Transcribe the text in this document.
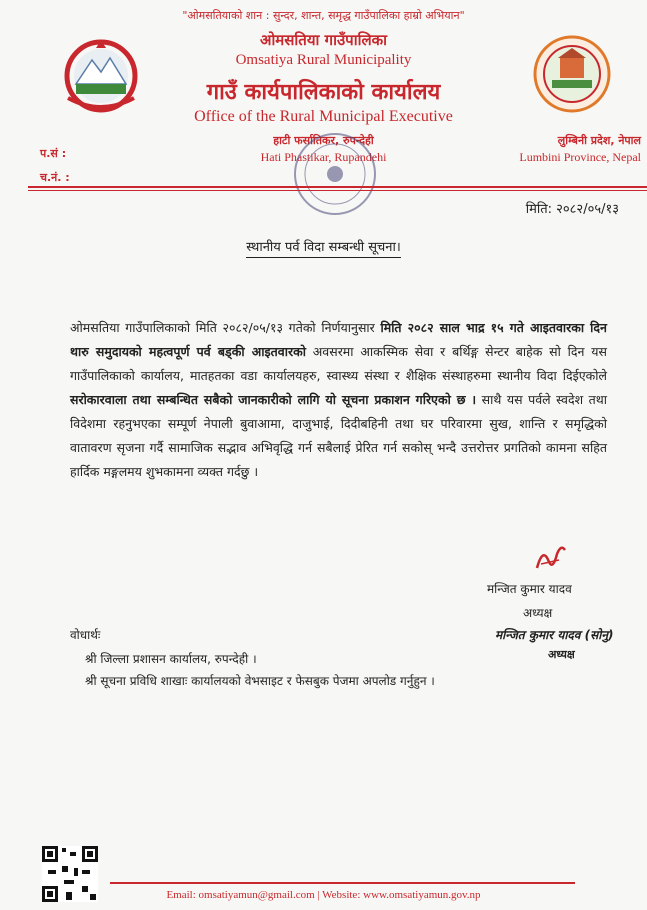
"ओमसतियाको शान : सुन्दर, शान्त, समृद्ध गाउँपालिका हाम्रो अभियान"
ओमसतिया गाउँपालिका
Omsatiya Rural Municipality
गाउँ कार्यपालिकाको कार्यालय
Office of the Rural Municipal Executive
हाटी फर्सातिकर, रुपन्देही
Hati Phastikar, Rupandehi
लुम्बिनी प्रदेश, नेपाल
Lumbini Province, Nepal
प.सं :
च.नं. :
मिति: २०८२/०५/१३
स्थानीय पर्व विदा सम्बन्धी सूचना।
ओमसतिया गाउँपालिकाको मिति २०८२/०५/१३ गतेको निर्णयानुसार मिति २०८२ साल भाद्र १५ गते आइतवारका दिन थारु समुदायको महत्वपूर्ण पर्व बड्की आइतवारको अवसरमा आकस्मिक सेवा र बर्थिङ्ग सेन्टर बाहेक सो दिन यस गाउँपालिकाको कार्यालय, मातहतका वडा कार्यालयहरु, स्वास्थ्य संस्था र शैक्षिक संस्थाहरुमा स्थानीय विदा दिईएकोले सरोकारवाला तथा सम्बन्धित सबैको जानकारीको लागि यो सूचना प्रकाशन गरिएको छ । साथै यस पर्वले स्वदेश तथा विदेशमा रहनुभएका सम्पूर्ण नेपाली बुवाआमा, दाजुभाई, दिदीबहिनी तथा घर परिवारमा सुख, शान्ति र समृद्धिको वातावरण सृजना गर्दै सामाजिक सद्भाव अभिवृद्धि गर्न सबैलाई प्रेरित गर्न सकोस् भन्दै उत्तरोत्तर प्रगतिको कामना सहित हार्दिक मङ्गलमय शुभकामना व्यक्त गर्दछु ।
मन्जित कुमार यादव
अध्यक्ष
मन्जित कुमार यादव (सोनु)
अध्यक्ष
वोधार्थः
श्री जिल्ला प्रशासन कार्यालय, रुपन्देही ।
श्री सूचना प्रविधि शाखाः कार्यालयको वेभसाइट र फेसबुक पेजमा अपलोड गर्नुहुन ।
Email: omsatiyamun@gmail.com | Website: www.omsatiyamun.gov.np
